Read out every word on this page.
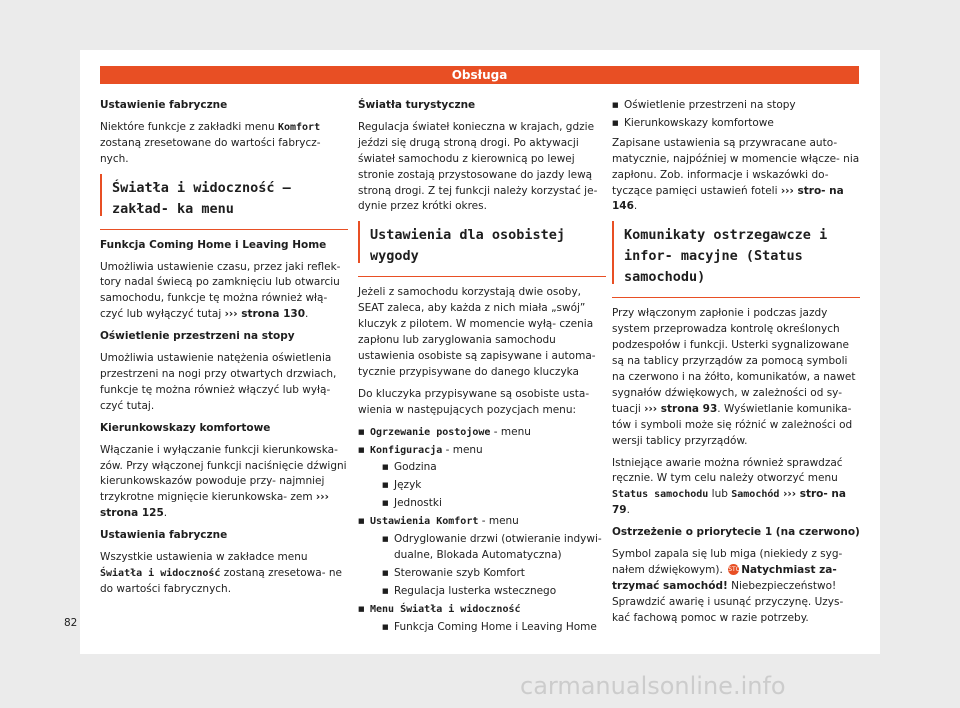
Obsługa

Ustawienie fabryczne

Niektóre funkcje z zakładki menu Komfort zostaną zresetowane do wartości fabrycz- nych.

Światła i widoczność – zakład- ka menu

Funkcja Coming Home i Leaving Home

Umożliwia ustawienie czasu, przez jaki reflek- tory nadal świecą po zamknięciu lub otwarciu samochodu, funkcje tę można również włą- czyć lub wyłączyć tutaj ››› strona 130.

Oświetlenie przestrzeni na stopy

Umożliwia ustawienie natężenia oświetlenia przestrzeni na nogi przy otwartych drzwiach, funkcje tę można również włączyć lub wyłą- czyć tutaj.

Kierunkowskazy komfortowe

Włączanie i wyłączanie funkcji kierunkowska- zów. Przy włączonej funkcji naciśnięcie dźwigni kierunkowskazów powoduje przy- najmniej trzykrotne mignięcie kierunkowska- zem ››› strona 125.

Ustawienia fabryczne

Wszystkie ustawienia w zakładce menu Światła i widoczność zostaną zresetowa- ne do wartości fabrycznych.

Światła turystyczne

Regulacja świateł konieczna w krajach, gdzie jeździ się drugą stroną drogi. Po aktywacji świateł samochodu z kierownicą po lewej stronie zostają przystosowane do jazdy lewą stroną drogi. Z tej funkcji należy korzystać je- dynie przez krótki okres.

Ustawienia dla osobistej wygody

Jeżeli z samochodu korzystają dwie osoby, SEAT zaleca, aby każda z nich miała „swój” kluczyk z pilotem. W momencie wyłą- czenia zapłonu lub zaryglowania samochodu ustawienia osobiste są zapisywane i automa- tycznie przypisywane do danego kluczyka

Do kluczyka przypisywane są osobiste usta- wienia w następujących pozycjach menu:

■ Ogrzewanie postojowe - menu
■ Konfiguracja - menu
■ Godzina
■ Język
■ Jednostki
■ Ustawienia Komfort - menu
■ Odryglowanie drzwi (otwieranie indywi- dualne, Blokada Automatyczna)
■ Sterowanie szyb Komfort
■ Regulacja lusterka wstecznego
■ Menu Światła i widoczność
■ Funkcja Coming Home i Leaving Home
■ Oświetlenie przestrzeni na stopy
■ Kierunkowskazy komfortowe

Zapisane ustawienia są przywracane auto- matycznie, najpóźniej w momencie włącze- nia zapłonu. Zob. informacje i wskazówki do- tyczące pamięci ustawień foteli ››› stro- na 146.

Komunikaty ostrzegawcze i infor- macyjne (Status samochodu)

Przy włączonym zapłonie i podczas jazdy system przeprowadza kontrolę określonych podzespołów i funkcji. Usterki sygnalizowane są na tablicy przyrządów za pomocą symboli na czerwono i na żółto, komunikatów, a nawet sygnałów dźwiękowych, w zależności od sy- tuacji ››› strona 93. Wyświetlanie komunika- tów i symboli może się różnić w zależności od wersji tablicy przyrządów.

Istniejące awarie można również sprawdzać ręcznie. W tym celu należy otworzyć menu Status samochodu lub Samochód ››› stro- na 79.

Ostrzeżenie o priorytecie 1 (na czerwono)

Symbol zapala się lub miga (niekiedy z syg- nałem dźwiękowym). STOPNatychmiast za- trzymać samochód! Niebezpieczeństwo! Sprawdzić awarię i usunąć przyczynę. Uzys- kać fachową pomoc w razie potrzeby.

82
carmanualsonline.info
